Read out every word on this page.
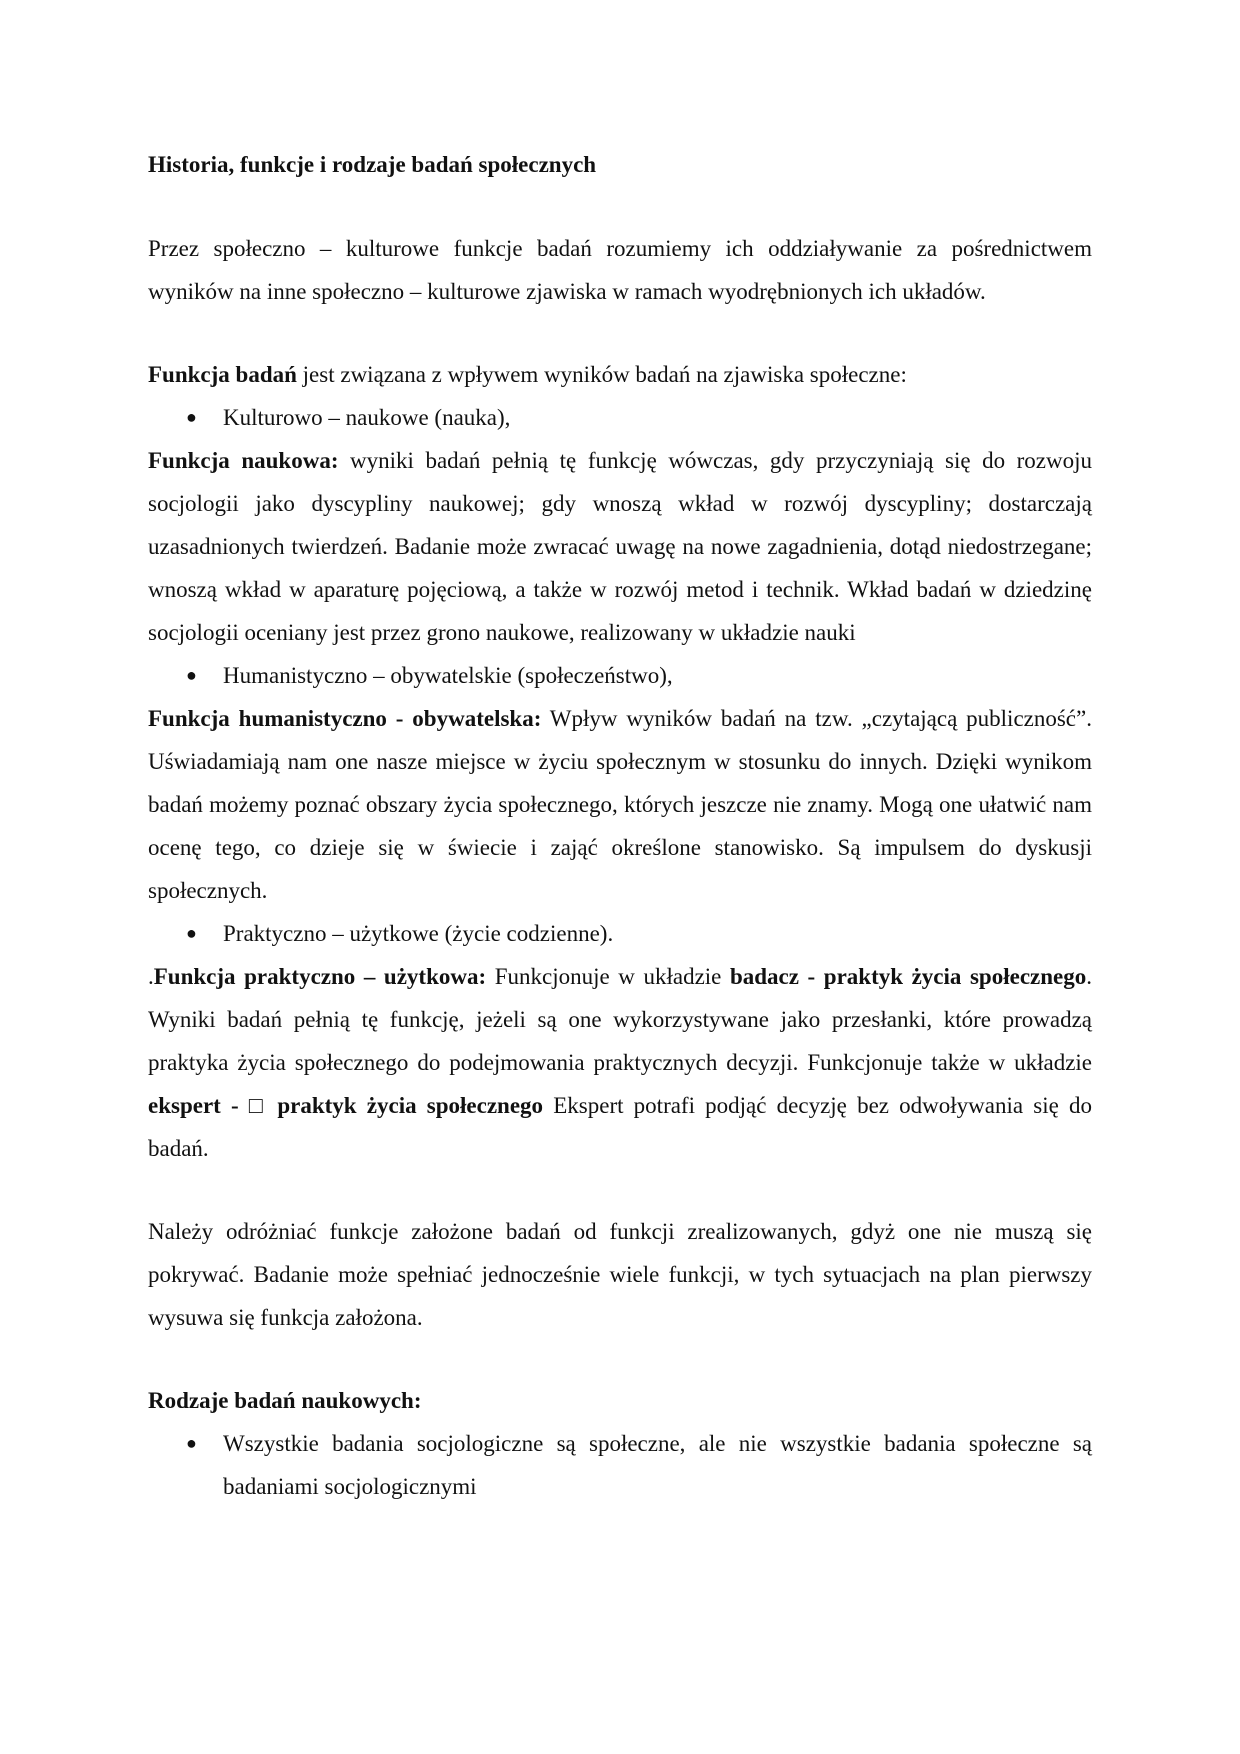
Historia, funkcje i rodzaje badań społecznych

Przez społeczno – kulturowe funkcje badań rozumiemy ich oddziaływanie za pośrednictwem wyników na inne społeczno – kulturowe zjawiska w ramach wyodrębnionych ich układów.

Funkcja badań jest związana z wpływem wyników badań na zjawiska społeczne:

● Kulturowo – naukowe (nauka),

Funkcja naukowa: wyniki badań pełnią tę funkcję wówczas, gdy przyczyniają się do rozwoju socjologii jako dyscypliny naukowej; gdy wnoszą wkład w rozwój dyscypliny; dostarczają uzasadnionych twierdzeń. Badanie może zwracać uwagę na nowe zagadnienia, dotąd niedostrzegane; wnoszą wkład w aparaturę pojęciową, a także w rozwój metod i technik. Wkład badań w dziedzinę socjologii oceniany jest przez grono naukowe, realizowany w układzie nauki

● Humanistyczno – obywatelskie (społeczeństwo),

Funkcja humanistyczno - obywatelska: Wpływ wyników badań na tzw. „czytającą publiczność”. Uświadamiają nam one nasze miejsce w życiu społecznym w stosunku do innych. Dzięki wynikom badań możemy poznać obszary życia społecznego, których jeszcze nie znamy. Mogą one ułatwić nam ocenę tego, co dzieje się w świecie i zająć określone stanowisko. Są impulsem do dyskusji społecznych.

● Praktyczno – użytkowe (życie codzienne).

.Funkcja praktyczno – użytkowa: Funkcjonuje w układzie badacz - praktyk życia społecznego. Wyniki badań pełnią tę funkcję, jeżeli są one wykorzystywane jako przesłanki, które prowadzą praktyka życia społecznego do podejmowania praktycznych decyzji. Funkcjonuje także w układzie ekspert - □ praktyk życia społecznego Ekspert potrafi podjąć decyzję bez odwoływania się do badań.

Należy odróżniać funkcje założone badań od funkcji zrealizowanych, gdyż one nie muszą się pokrywać. Badanie może spełniać jednocześnie wiele funkcji, w tych sytuacjach na plan pierwszy wysuwa się funkcja założona.

Rodzaje badań naukowych:

● Wszystkie badania socjologiczne są społeczne, ale nie wszystkie badania społeczne są badaniami socjologicznymi
